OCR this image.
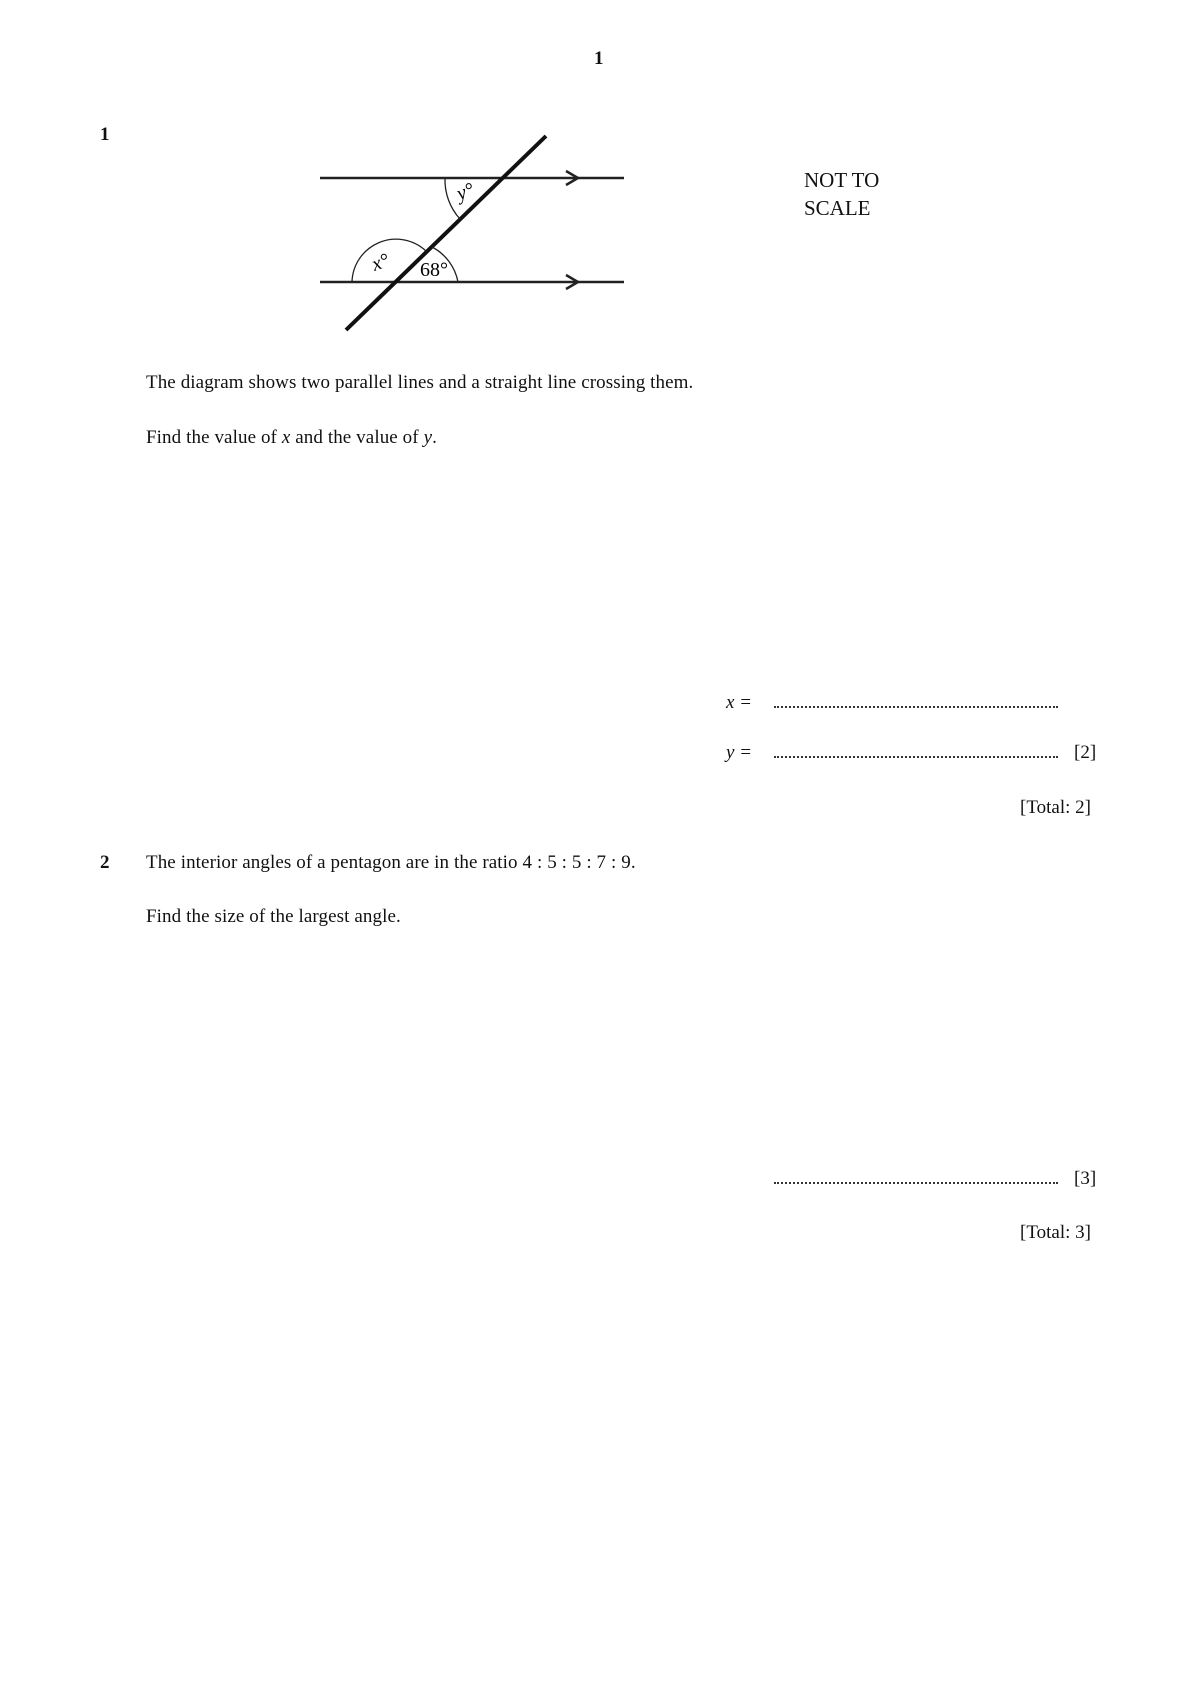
1
1
y°
x° 68°
NOT TO SCALE
The diagram shows two parallel lines and a straight line crossing them.
Find the value of x and the value of y.
x =
y =	[2]
[Total: 2]
2 The interior angles of a pentagon are in the ratio 4 : 5 : 5 : 7 : 9.
Find the size of the largest angle.
[3]
[Total: 3]
